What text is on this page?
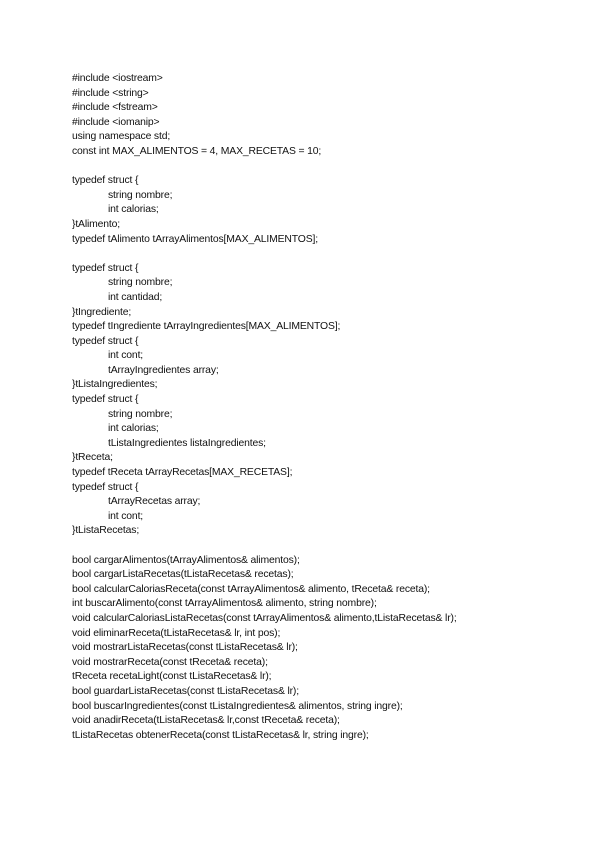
#include <iostream>
#include <string>
#include <fstream>
#include <iomanip>
using namespace std;
const int MAX_ALIMENTOS = 4, MAX_RECETAS = 10;
typedef struct {
string nombre;
int calorias;
}tAlimento;
typedef tAlimento tArrayAlimentos[MAX_ALIMENTOS];
typedef struct {
string nombre;
int cantidad;
}tIngrediente;
typedef tIngrediente tArrayIngredientes[MAX_ALIMENTOS];
typedef struct {
int cont;
tArrayIngredientes array;
}tListaIngredientes;
typedef struct {
string nombre;
int calorias;
tListaIngredientes listaIngredientes;
}tReceta;
typedef tReceta tArrayRecetas[MAX_RECETAS];
typedef struct {
tArrayRecetas array;
int cont;
}tListaRecetas;
bool cargarAlimentos(tArrayAlimentos& alimentos);
bool cargarListaRecetas(tListaRecetas& recetas);
bool calcularCaloriasReceta(const tArrayAlimentos& alimento, tReceta& receta);
int buscarAlimento(const tArrayAlimentos& alimento, string nombre);
void calcularCaloriasListaRecetas(const tArrayAlimentos& alimento,tListaRecetas& lr);
void eliminarReceta(tListaRecetas& lr, int pos);
void mostrarListaRecetas(const tListaRecetas& lr);
void mostrarReceta(const tReceta& receta);
tReceta recetaLight(const tListaRecetas& lr);
bool guardarListaRecetas(const tListaRecetas& lr);
bool buscarIngredientes(const tListaIngredientes& alimentos, string ingre);
void anadirReceta(tListaRecetas& lr,const tReceta& receta);
tListaRecetas obtenerReceta(const tListaRecetas& lr, string ingre);
